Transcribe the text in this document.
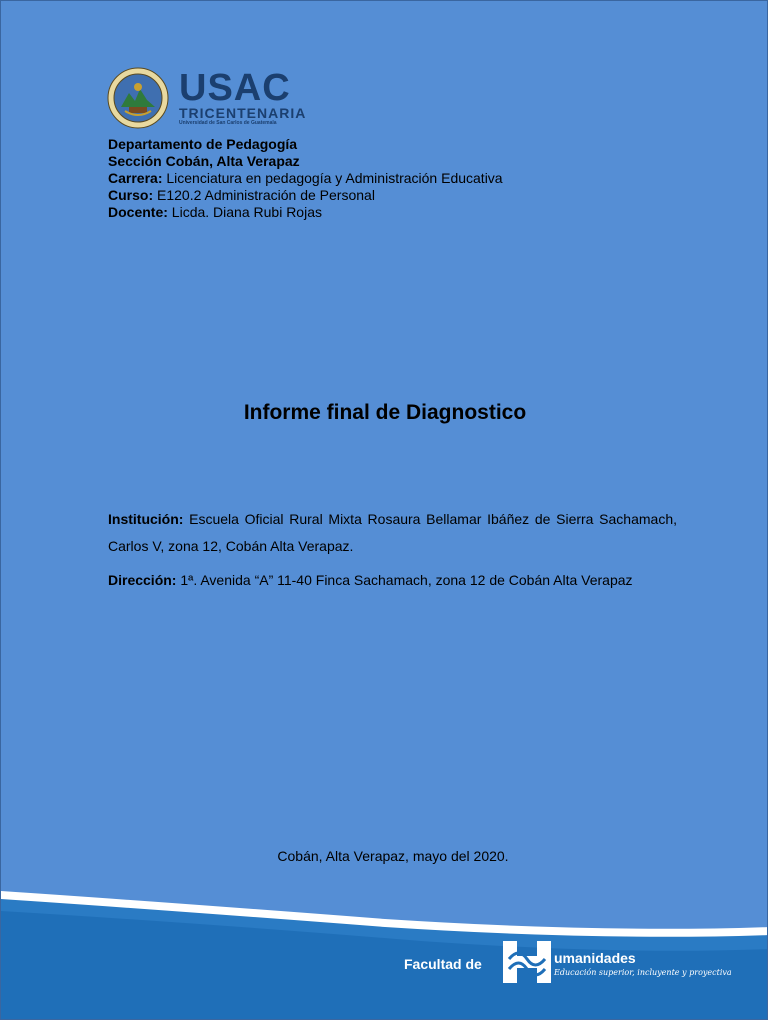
USAC
TRICENTENARIA
Universidad de San Carlos de Guatemala
Departamento de Pedagogía
Sección Cobán, Alta Verapaz
Carrera: Licenciatura en pedagogía y Administración Educativa
Curso: E120.2 Administración de Personal
Docente: Licda. Diana Rubi Rojas
Informe final de Diagnostico
Institución: Escuela Oficial Rural Mixta Rosaura Bellamar Ibáñez de Sierra Sachamach, Carlos V, zona 12, Cobán Alta Verapaz.
Dirección: 1ª. Avenida “A” 11-40 Finca Sachamach, zona 12 de Cobán Alta Verapaz
Cobán, Alta Verapaz, mayo del 2020.
Facultad de	umanidades
Educación superior, incluyente y proyectiva
